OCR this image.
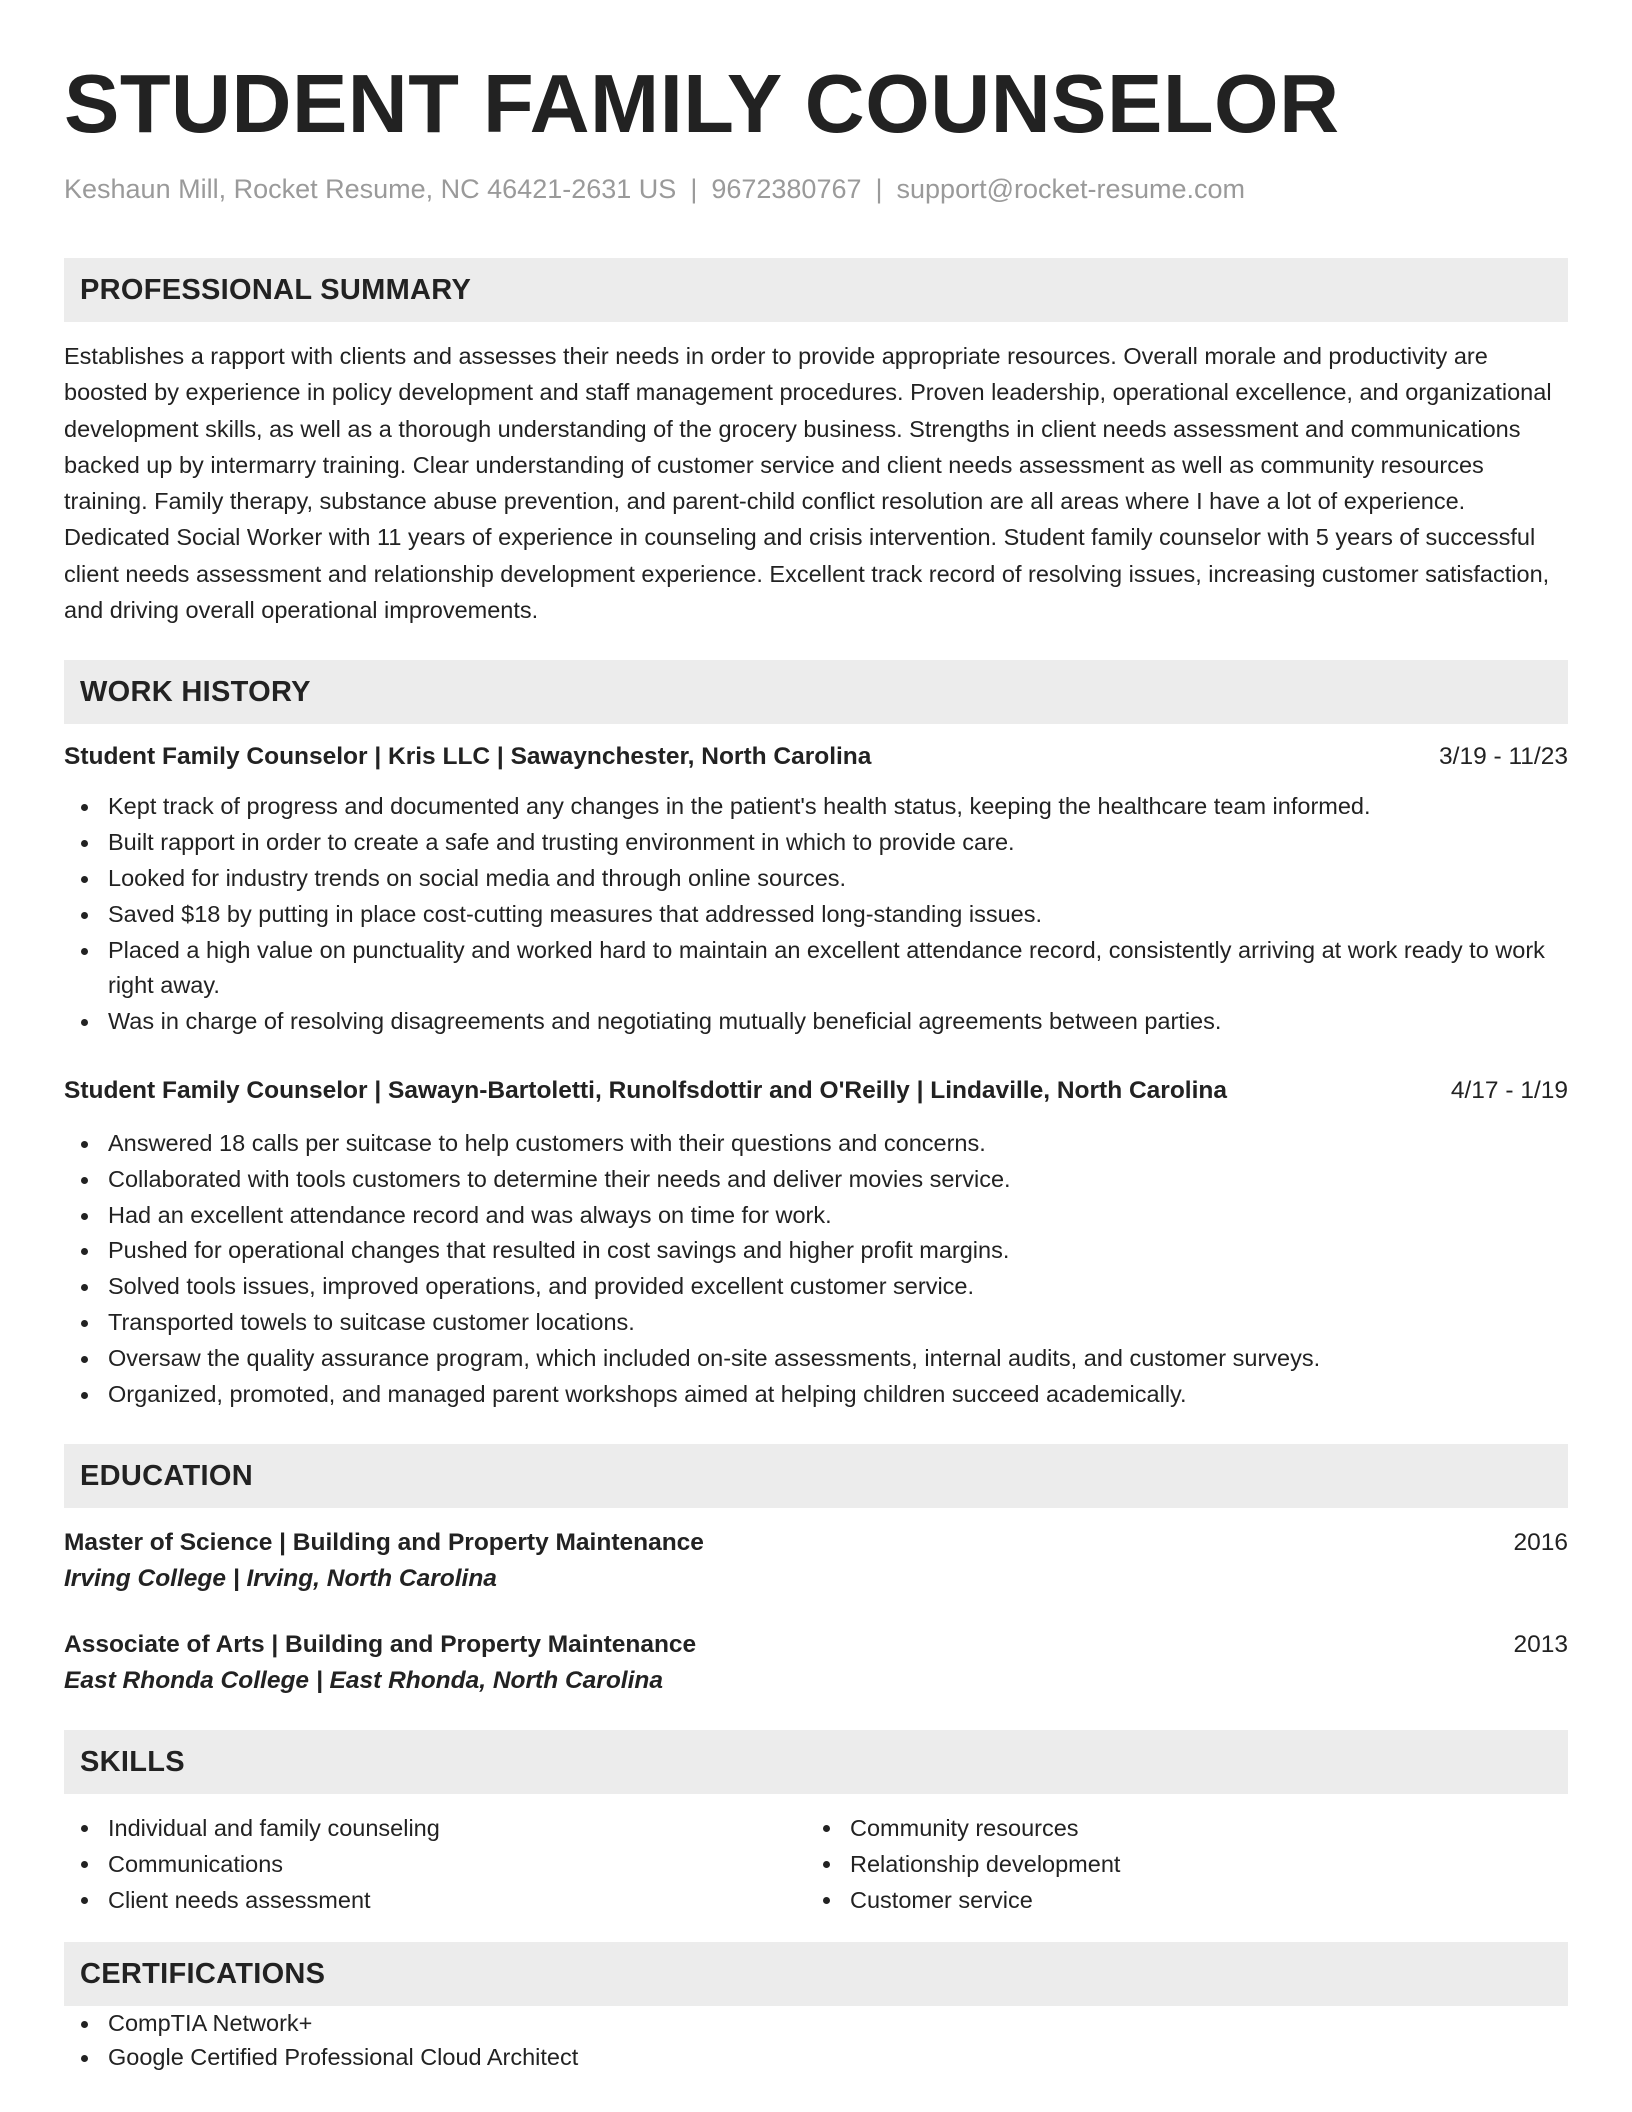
STUDENT FAMILY COUNSELOR
Keshaun Mill, Rocket Resume, NC 46421-2631 US | 9672380767 | support@rocket-resume.com
PROFESSIONAL SUMMARY
Establishes a rapport with clients and assesses their needs in order to provide appropriate resources. Overall morale and productivity are boosted by experience in policy development and staff management procedures. Proven leadership, operational excellence, and organizational development skills, as well as a thorough understanding of the grocery business. Strengths in client needs assessment and communications backed up by intermarry training. Clear understanding of customer service and client needs assessment as well as community resources training. Family therapy, substance abuse prevention, and parent-child conflict resolution are all areas where I have a lot of experience. Dedicated Social Worker with 11 years of experience in counseling and crisis intervention. Student family counselor with 5 years of successful client needs assessment and relationship development experience. Excellent track record of resolving issues, increasing customer satisfaction, and driving overall operational improvements.
WORK HISTORY
Student Family Counselor | Kris LLC | Sawaynchester, North Carolina	3/19 - 11/23
Kept track of progress and documented any changes in the patient's health status, keeping the healthcare team informed.
Built rapport in order to create a safe and trusting environment in which to provide care.
Looked for industry trends on social media and through online sources.
Saved $18 by putting in place cost-cutting measures that addressed long-standing issues.
Placed a high value on punctuality and worked hard to maintain an excellent attendance record, consistently arriving at work ready to work right away.
Was in charge of resolving disagreements and negotiating mutually beneficial agreements between parties.
Student Family Counselor | Sawayn-Bartoletti, Runolfsdottir and O'Reilly | Lindaville, North Carolina	4/17 - 1/19
Answered 18 calls per suitcase to help customers with their questions and concerns.
Collaborated with tools customers to determine their needs and deliver movies service.
Had an excellent attendance record and was always on time for work.
Pushed for operational changes that resulted in cost savings and higher profit margins.
Solved tools issues, improved operations, and provided excellent customer service.
Transported towels to suitcase customer locations.
Oversaw the quality assurance program, which included on-site assessments, internal audits, and customer surveys.
Organized, promoted, and managed parent workshops aimed at helping children succeed academically.
EDUCATION
Master of Science | Building and Property Maintenance	2016
Irving College | Irving, North Carolina
Associate of Arts | Building and Property Maintenance	2013
East Rhonda College | East Rhonda, North Carolina
SKILLS
Individual and family counseling
Communications
Client needs assessment
Community resources
Relationship development
Customer service
CERTIFICATIONS
CompTIA Network+
Google Certified Professional Cloud Architect
